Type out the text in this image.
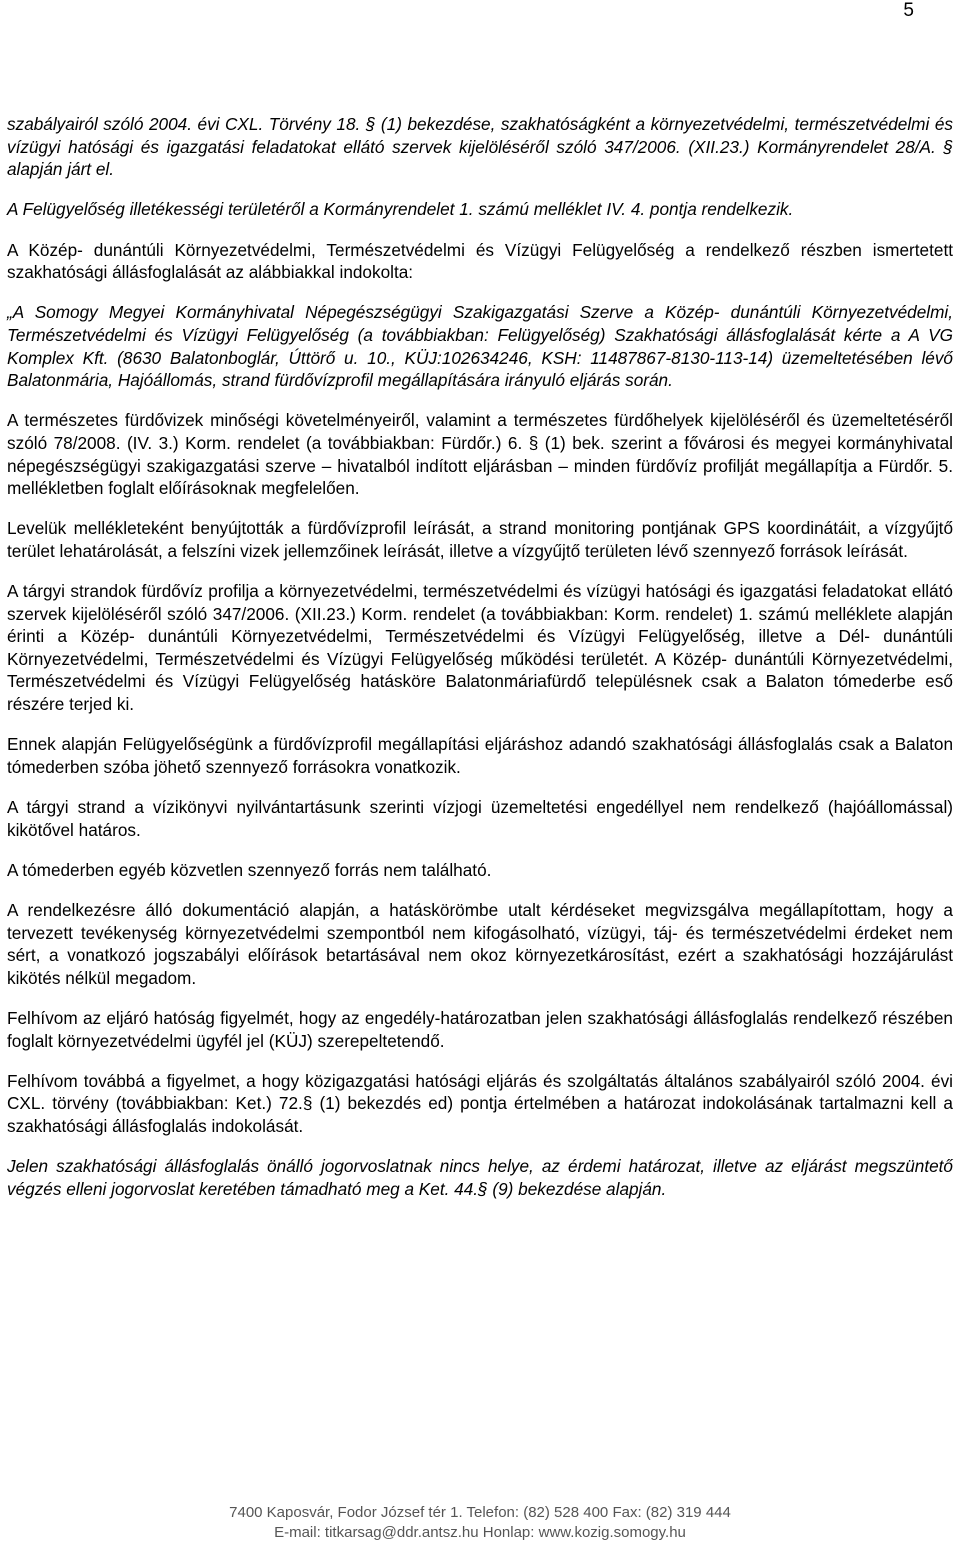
5

szabályairól szóló 2004. évi CXL. Törvény 18. § (1) bekezdése, szakhatóságként a környezetvédelmi, természetvédelmi és vízügyi hatósági és igazgatási feladatokat ellátó szervek kijelöléséről szóló 347/2006. (XII.23.) Kormányrendelet 28/A. § alapján járt el.

A Felügyelőség illetékességi területéről a Kormányrendelet 1. számú melléklet IV. 4. pontja rendelkezik.

A Közép- dunántúli Környezetvédelmi, Természetvédelmi és Vízügyi Felügyelőség a rendelkező részben ismertetett szakhatósági állásfoglalását az alábbiakkal indokolta:

„A Somogy Megyei Kormányhivatal Népegészségügyi Szakigazgatási Szerve a Közép- dunántúli Környezetvédelmi, Természetvédelmi és Vízügyi Felügyelőség (a továbbiakban: Felügyelőség) Szakhatósági állásfoglalását kérte a A VG Komplex Kft. (8630 Balatonboglár, Úttörő u. 10., KÜJ:102634246, KSH: 11487867-8130-113-14) üzemeltetésében lévő Balatonmária, Hajóállomás, strand fürdővízprofil megállapítására irányuló eljárás során.

A természetes fürdővizek minőségi követelményeiről, valamint a természetes fürdőhelyek kijelöléséről és üzemeltetéséről szóló 78/2008. (IV. 3.) Korm. rendelet (a továbbiakban: Fürdőr.) 6. § (1) bek. szerint a fővárosi és megyei kormányhivatal népegészségügyi szakigazgatási szerve – hivatalból indított eljárásban – minden fürdővíz profilját megállapítja a Fürdőr. 5. mellékletben foglalt előírásoknak megfelelően.

Levelük mellékleteként benyújtották a fürdővízprofil leírását, a strand monitoring pontjának GPS koordinátáit, a vízgyűjtő terület lehatárolását, a felszíni vizek jellemzőinek leírását, illetve a vízgyűjtő területen lévő szennyező források leírását.

A tárgyi strandok fürdővíz profilja a környezetvédelmi, természetvédelmi és vízügyi hatósági és igazgatási feladatokat ellátó szervek kijelöléséről szóló 347/2006. (XII.23.) Korm. rendelet (a továbbiakban: Korm. rendelet) 1. számú melléklete alapján érinti a Közép- dunántúli Környezetvédelmi, Természetvédelmi és Vízügyi Felügyelőség, illetve a Dél- dunántúli Környezetvédelmi, Természetvédelmi és Vízügyi Felügyelőség működési területét. A Közép- dunántúli Környezetvédelmi, Természetvédelmi és Vízügyi Felügyelőség hatásköre Balatonmáriafürdő településnek csak a Balaton tómederbe eső részére terjed ki.

Ennek alapján Felügyelőségünk a fürdővízprofil megállapítási eljáráshoz adandó szakhatósági állásfoglalás csak a Balaton tómederben szóba jöhető szennyező forrásokra vonatkozik.

A tárgyi strand a vízikönyvi nyilvántartásunk szerinti vízjogi üzemeltetési engedéllyel nem rendelkező (hajóállomással) kikötővel határos.

A tómederben egyéb közvetlen szennyező forrás nem található.

A rendelkezésre álló dokumentáció alapján, a hatáskörömbe utalt kérdéseket megvizsgálva megállapítottam, hogy a tervezett tevékenység környezetvédelmi szempontból nem kifogásolható, vízügyi, táj- és természetvédelmi érdeket nem sért, a vonatkozó jogszabályi előírások betartásával nem okoz környezetkárosítást, ezért a szakhatósági hozzájárulást kikötés nélkül megadom.

Felhívom az eljáró hatóság figyelmét, hogy az engedély-határozatban jelen szakhatósági állásfoglalás rendelkező részében foglalt környezetvédelmi ügyfél jel (KÜJ) szerepeltetendő.

Felhívom továbbá a figyelmet, a hogy közigazgatási hatósági eljárás és szolgáltatás általános szabályairól szóló 2004. évi CXL. törvény (továbbiakban: Ket.) 72.§ (1) bekezdés ed) pontja értelmében a határozat indokolásának tartalmazni kell a szakhatósági állásfoglalás indokolását.

Jelen szakhatósági állásfoglalás önálló jogorvoslatnak nincs helye, az érdemi határozat, illetve az eljárást megszüntető végzés elleni jogorvoslat keretében támadható meg a Ket. 44.§ (9) bekezdése alapján.

7400 Kaposvár, Fodor József tér 1. Telefon: (82) 528 400 Fax: (82) 319 444
E-mail: titkarsag@ddr.antsz.hu Honlap: www.kozig.somogy.hu
